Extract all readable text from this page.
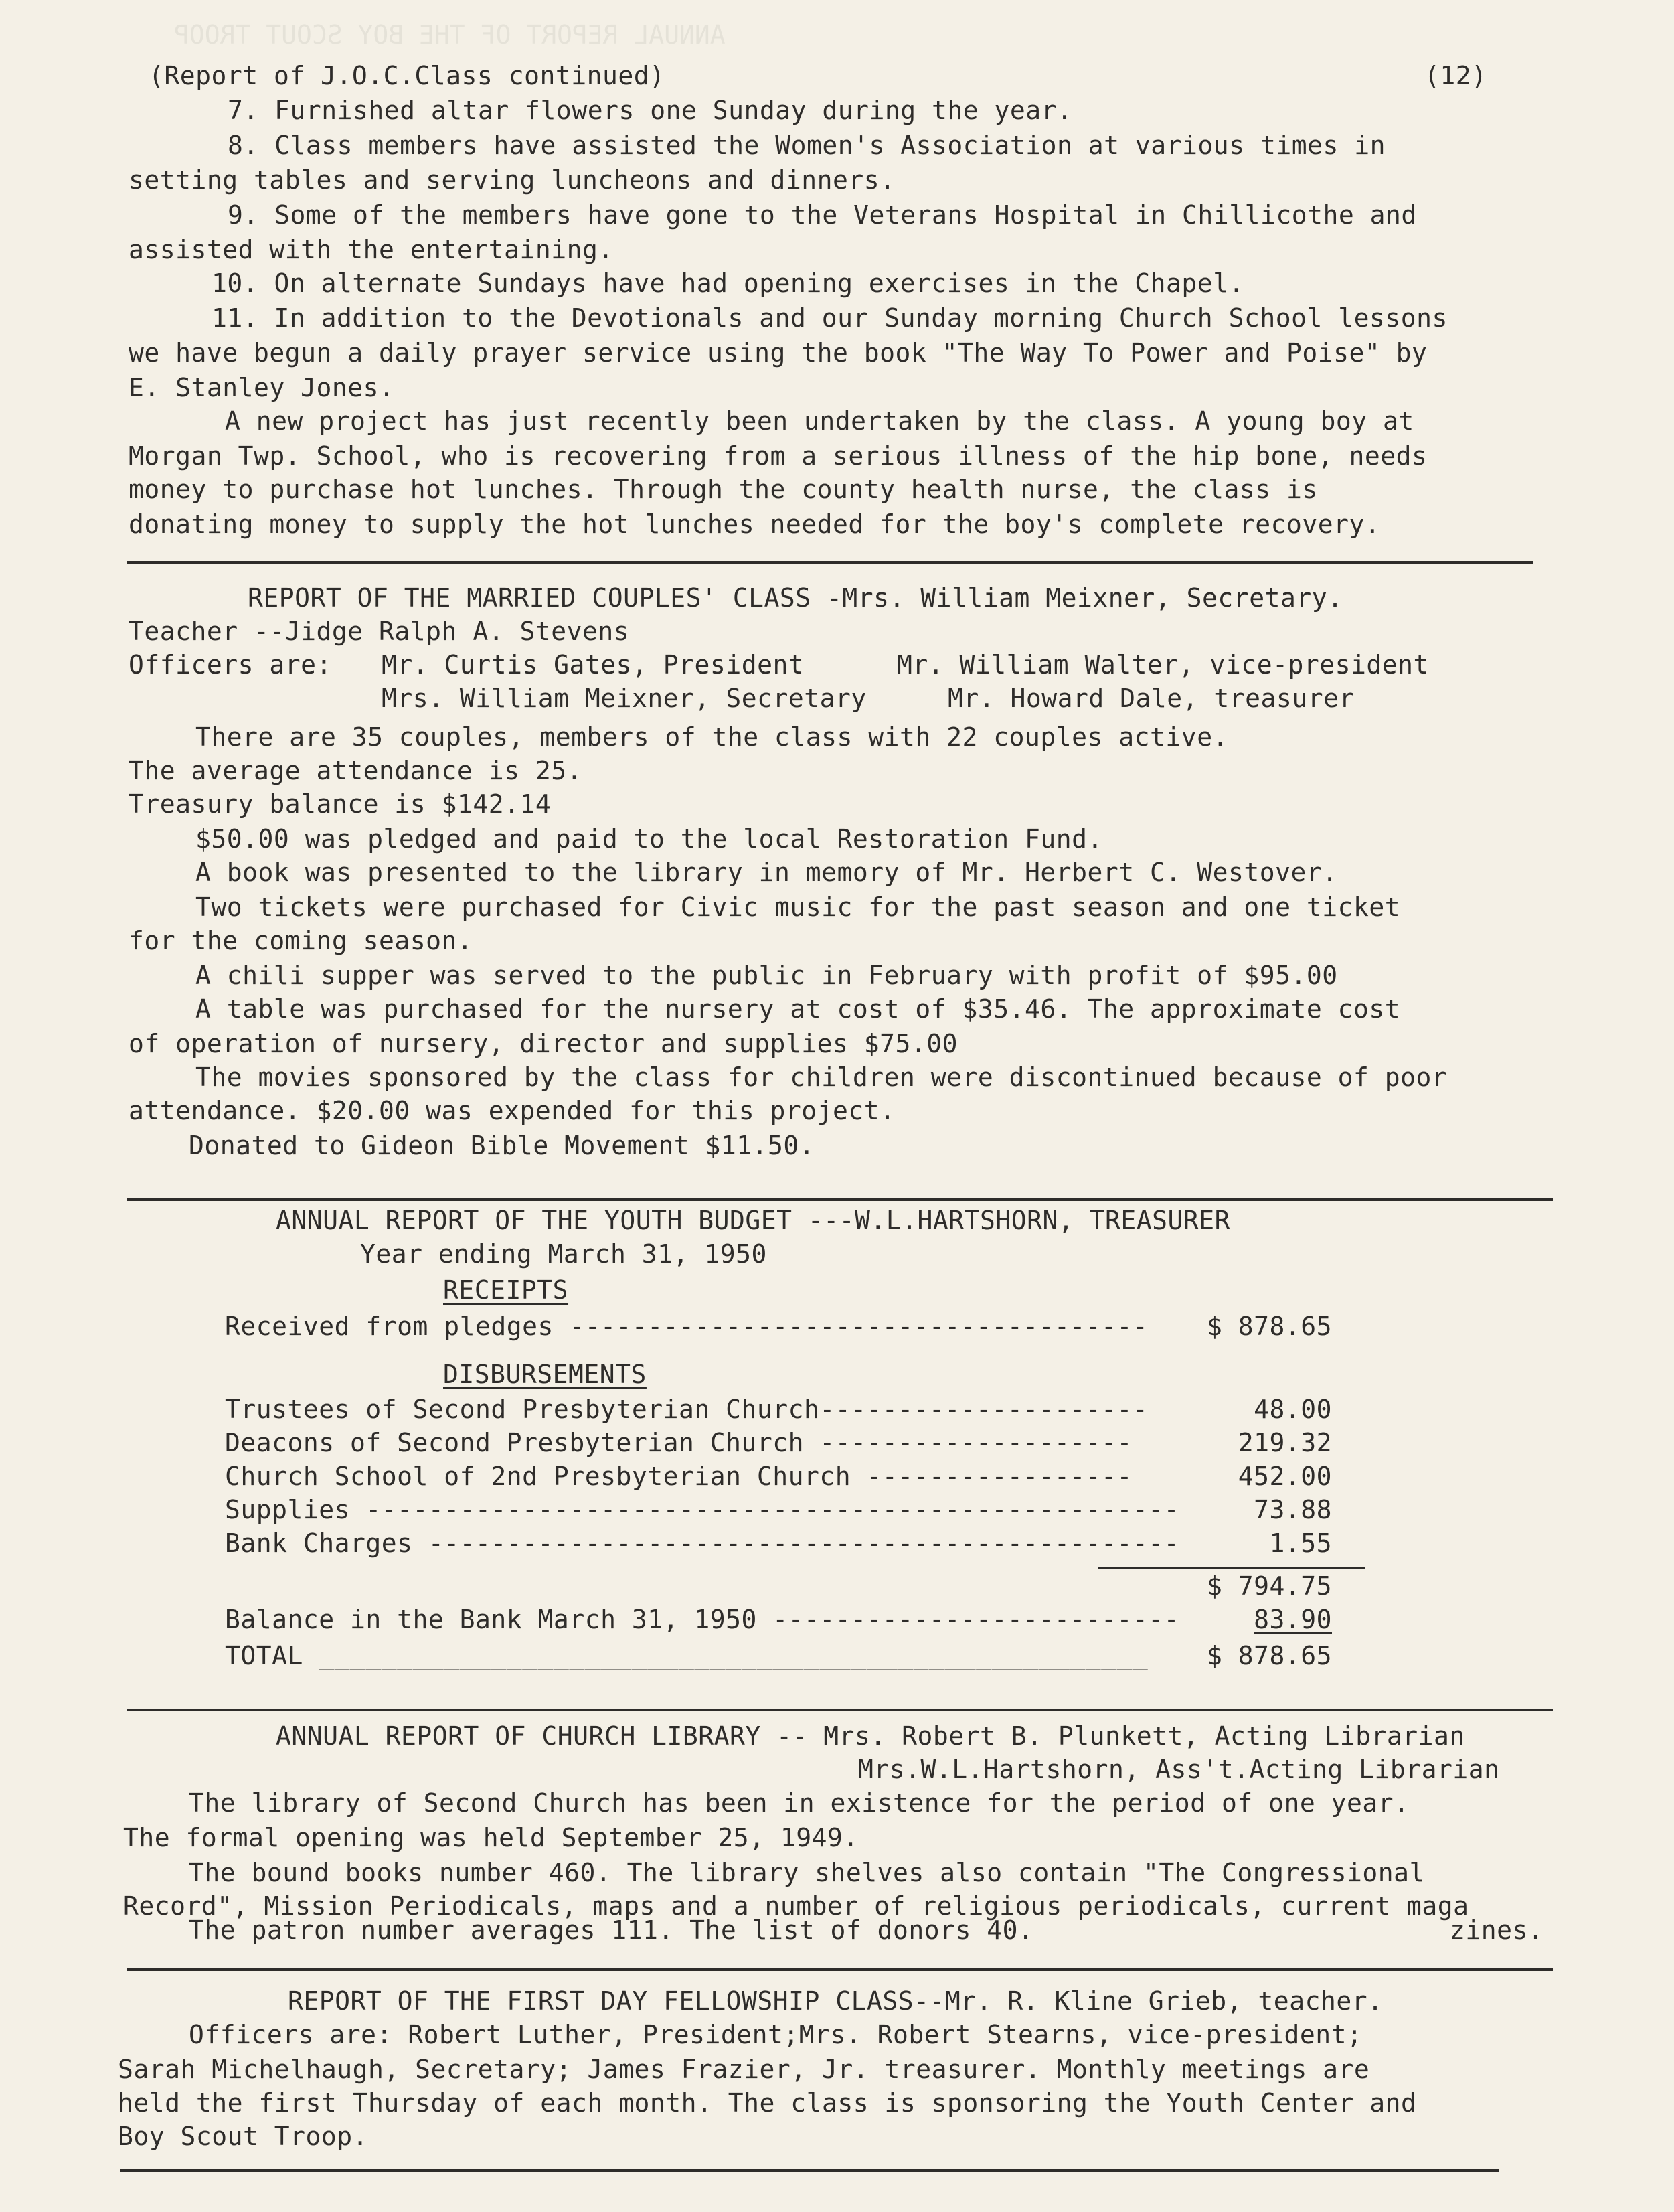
ANNUAL REPORT OF THE BOY SCOUT TROOP
(Report of J.O.C.Class continued)	(12)
7. Furnished altar flowers one Sunday during the year.
8. Class members have assisted the Women's Association at various times in
setting tables and serving luncheons and dinners.
9. Some of the members have gone to the Veterans Hospital in Chillicothe and
assisted with the entertaining.
10. On alternate Sundays have had opening exercises in the Chapel.
11. In addition to the Devotionals and our Sunday morning Church School lessons
we have begun a daily prayer service using the book "The Way To Power and Poise" by
E. Stanley Jones.
A new project has just recently been undertaken by the class. A young boy at
Morgan Twp. School, who is recovering from a serious illness of the hip bone, needs
money to purchase hot lunches. Through the county health nurse, the class is
donating money to supply the hot lunches needed for the boy's complete recovery.
REPORT OF THE MARRIED COUPLES' CLASS -Mrs. William Meixner, Secretary.
Teacher --Jidge Ralph A. Stevens
Officers are: Mr. Curtis Gates, President	Mr. William Walter, vice-president
Mrs. William Meixner, Secretary	Mr. Howard Dale, treasurer
There are 35 couples, members of the class with 22 couples active.
The average attendance is 25.
Treasury balance is $142.14
$50.00 was pledged and paid to the local Restoration Fund.
A book was presented to the library in memory of Mr. Herbert C. Westover.
Two tickets were purchased for Civic music for the past season and one ticket
for the coming season.
A chili supper was served to the public in February with profit of $95.00
A table was purchased for the nursery at cost of $35.46. The approximate cost
of operation of nursery, director and supplies $75.00
The movies sponsored by the class for children were discontinued because of poor
attendance. $20.00 was expended for this project.
Donated to Gideon Bible Movement $11.50.
ANNUAL REPORT OF THE YOUTH BUDGET ---W.L.HARTSHORN, TREASURER
Year ending March 31, 1950
RECEIPTS
Received from pledges -------------------------------------	$ 878.65
DISBURSEMENTS
Trustees of Second Presbyterian Church---------------------	48.00
Deacons of Second Presbyterian Church --------------------	219.32
Church School of 2nd Presbyterian Church -----------------	452.00
Supplies ----------------------------------------------------	73.88
Bank Charges ------------------------------------------------	1.55
$ 794.75
Balance in the Bank March 31, 1950 --------------------------	83.90
TOTAL _____________________________________________________	$ 878.65
ANNUAL REPORT OF CHURCH LIBRARY -- Mrs. Robert B. Plunkett, Acting Librarian
Mrs.W.L.Hartshorn, Ass't.Acting Librarian
The library of Second Church has been in existence for the period of one year.
The formal opening was held September 25, 1949.
The bound books number 460. The library shelves also contain "The Congressional
Record", Mission Periodicals, maps and a number of religious periodicals, current maga
The patron number averages 111. The list of donors 40.	zines.
REPORT OF THE FIRST DAY FELLOWSHIP CLASS--Mr. R. Kline Grieb, teacher.
Officers are: Robert Luther, President;Mrs. Robert Stearns, vice-president;
Sarah Michelhaugh, Secretary; James Frazier, Jr. treasurer. Monthly meetings are
held the first Thursday of each month. The class is sponsoring the Youth Center and
Boy Scout Troop.
